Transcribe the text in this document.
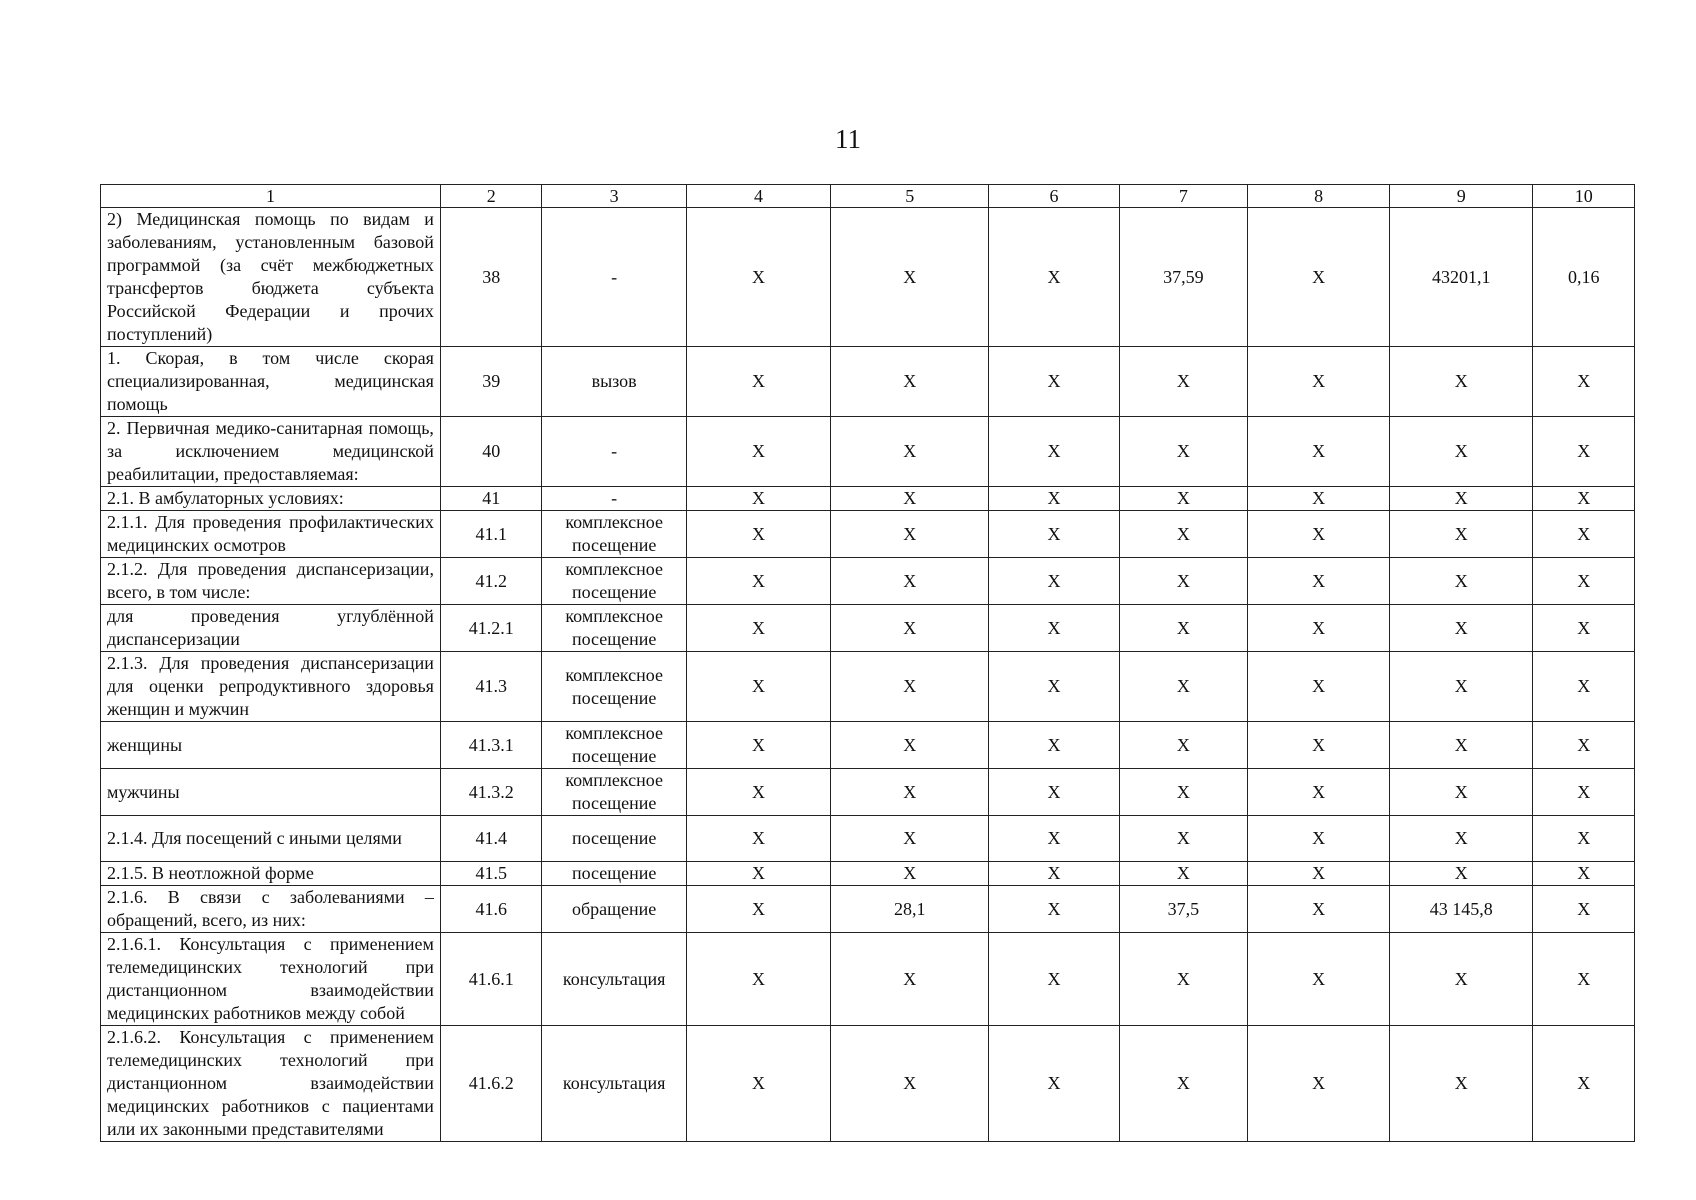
11
1	2	3	4	5	6	7	8	9	10
2) Медицинская помощь по видам и заболеваниям, установленным базовой программой (за счёт межбюджетных трансфертов бюджета субъекта Российской Федерации и прочих поступлений)	38	-	Х	Х	Х	37,59	Х	43201,1	0,16
1. Скорая, в том числе скорая специализированная, медицинская помощь	39	вызов	Х	Х	Х	Х	Х	Х	Х
2. Первичная медико-санитарная помощь, за исключением медицинской реабилитации, предоставляемая:	40	-	Х	Х	Х	Х	Х	Х	Х
2.1. В амбулаторных условиях:	41	-	Х	Х	Х	Х	Х	Х	Х
2.1.1. Для проведения профилактических медицинских осмотров	41.1	комплексное посещение	Х	Х	Х	Х	Х	Х	Х
2.1.2. Для проведения диспансеризации, всего, в том числе:	41.2	комплексное посещение	Х	Х	Х	Х	Х	Х	Х
для проведения углублённой диспансеризации	41.2.1	комплексное посещение	Х	Х	Х	Х	Х	Х	Х
2.1.3. Для проведения диспансеризации для оценки репродуктивного здоровья женщин и мужчин	41.3	комплексное посещение	Х	Х	Х	Х	Х	Х	Х
женщины	41.3.1	комплексное посещение	Х	Х	Х	Х	Х	Х	Х
мужчины	41.3.2	комплексное посещение	Х	Х	Х	Х	Х	Х	Х
2.1.4. Для посещений с иными целями	41.4	посещение	Х	Х	Х	Х	Х	Х	Х
2.1.5. В неотложной форме	41.5	посещение	Х	Х	Х	Х	Х	Х	Х
2.1.6. В связи с заболеваниями – обращений, всего, из них:	41.6	обращение	Х	28,1	Х	37,5	Х	43 145,8	Х
2.1.6.1. Консультация с применением телемедицинских технологий при дистанционном взаимодействии медицинских работников между собой	41.6.1	консультация	Х	Х	Х	Х	Х	Х	Х
2.1.6.2. Консультация с применением телемедицинских технологий при дистанционном взаимодействии медицинских работников с пациентами или их законными представителями	41.6.2	консультация	Х	Х	Х	Х	Х	Х	Х
